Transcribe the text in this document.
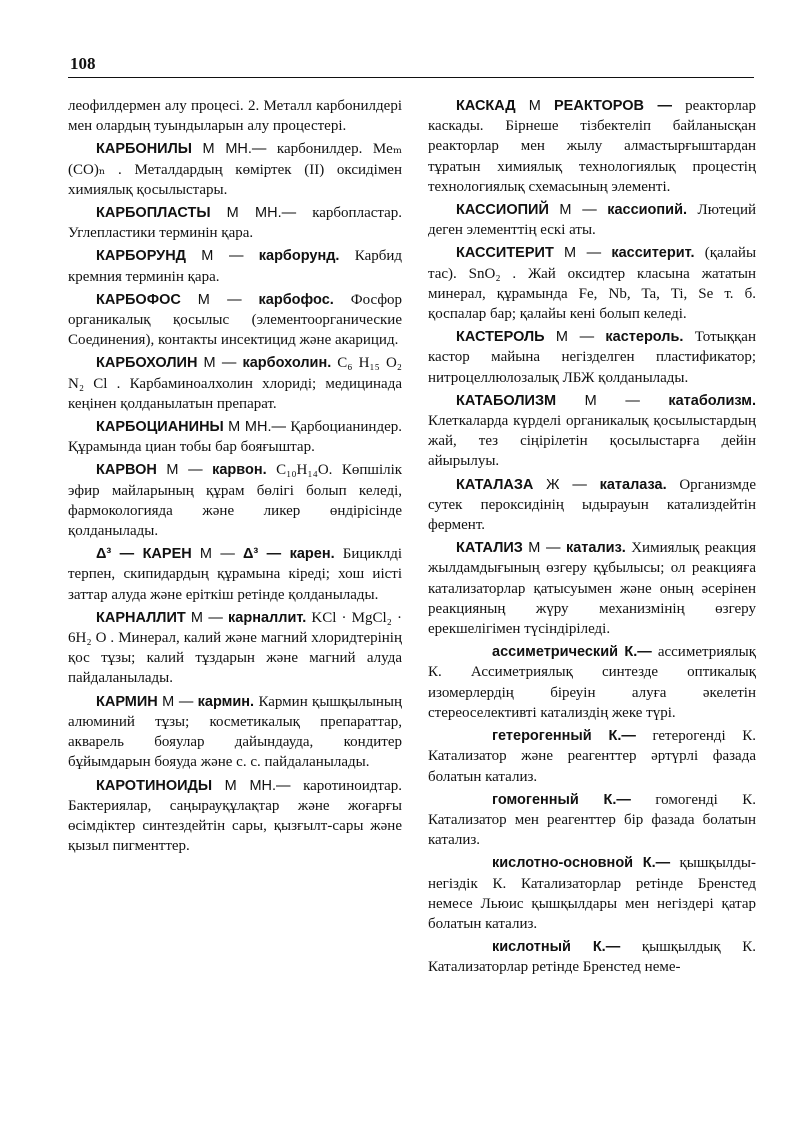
108

леофилдермен алу процесі. 2. Металл карбонилдері мен олардың туындыларын алу процестері.

КАРБОНИЛЫ М МН.— карбонилдер. Meₘ (CO)ₙ . Металдардың көміртек (II) оксидімен химиялық қосылыстары.

КАРБОПЛАСТЫ М МН.— карбопластар. Углепластики терминін қара.

КАРБОРУНД М — карборунд. Карбид кремния терминін қара.

КАРБОФОС М — карбофос. Фосфор органикалық қосылыс (элементоорганические Соединения), контакты инсектицид және акарицид.

КАРБОХОЛИН М — карбохолин. C₆ H₁₅ O₂ N₂ Cl . Карбаминоалхолин хлориді; медицинада кеңінен қолданылатын препарат.

КАРБОЦИАНИНЫ М МН.— Қарбоцианиндер. Құрамында циан тобы бар бояғыштар.

КАРВОН М — карвон. C₁₀H₁₄O. Көпшілік эфир майларының құрам бөлігі болып келеді, фармокологияда және ликер өндірісінде қолданылады.

Δ³ — КАРЕН М — Δ³ — карен. Бициклді терпен, скипидардың құрамына кіреді; хош иісті заттар алуда және еріткіш ретінде қолданылады.

КАРНАЛЛИТ М — карналлит. KCl · MgCl₂ · 6H₂ O . Минерал, калий және магний хлоридтерінің қос тұзы; калий тұздарын және магний алуда пайдаланылады.

КАРМИН М — кармин. Кармин қышқылының алюминий тұзы; косметикалық препараттар, акварель бояулар дайындауда, кондитер бұйымдарын бояуда және с. с. пайдаланылады.

КАРОТИНОИДЫ М МН.— каротиноидтар. Бактериялар, саңырауқұлақтар және жоғарғы өсімдіктер синтездейтін сары, қызғылт-сары және қызыл пигменттер.

КАСКАД М РЕАКТОРОВ — реакторлар каскады. Бірнеше тізбектеліп байланысқан реакторлар мен жылу алмастырғыштардан тұратын химиялық технологиялық процестің технологиялық схемасының элементі.

КАССИОПИЙ М — кассиопий. Лютеций деген элементтің ескі аты.

КАССИТЕРИТ М — касситерит. (қалайы тас). SnO₂ . Жай оксидтер класына жататын минерал, құрамында Fe, Nb, Ta, Ti, Se т. б. қоспалар бар; қалайы кені болып келеді.

КАСТЕРОЛЬ М — кастероль. Тотыққан кастор майына негізделген пластификатор; нитроцеллюлозалық ЛБЖ қолданылады.

КАТАБОЛИЗМ М — катаболизм. Клеткаларда күрделі органикалық қосылыстардың жай, тез сіңірілетін қосылыстарға дейін айырылуы.

КАТАЛАЗА Ж — каталаза. Организмде сутек пероксидінің ыдырауын катализдейтін фермент.

КАТАЛИЗ М — катализ. Химиялық реакция жылдамдығының өзгеру құбылысы; ол реакцияға катализаторлар қатысуымен және оның әсерінен реакцияның жүру механизмінің өзгеру ерекшелігімен түсіндіріледі.

ассиметрический К.— ассиметриялық К. Ассиметриялық синтезде оптикалық изомерлердің біреуін алуға әкелетін стереоселективті катализдің жеке түрі.

гетерогенный К.— гетерогенді К. Катализатор және реагенттер әртүрлі фазада болатын катализ.

гомогенный К.— гомогенді К. Катализатор мен реагенттер бір фазада болатын катализ.

кислотно-основной К.— қышқылды-негіздік К. Катализаторлар ретінде Бренстед немесе Льюис қышқылдары мен негіздері қатар болатын катализ.

кислотный К.— қышқылдық К. Катализаторлар ретінде Бренстед неме-
